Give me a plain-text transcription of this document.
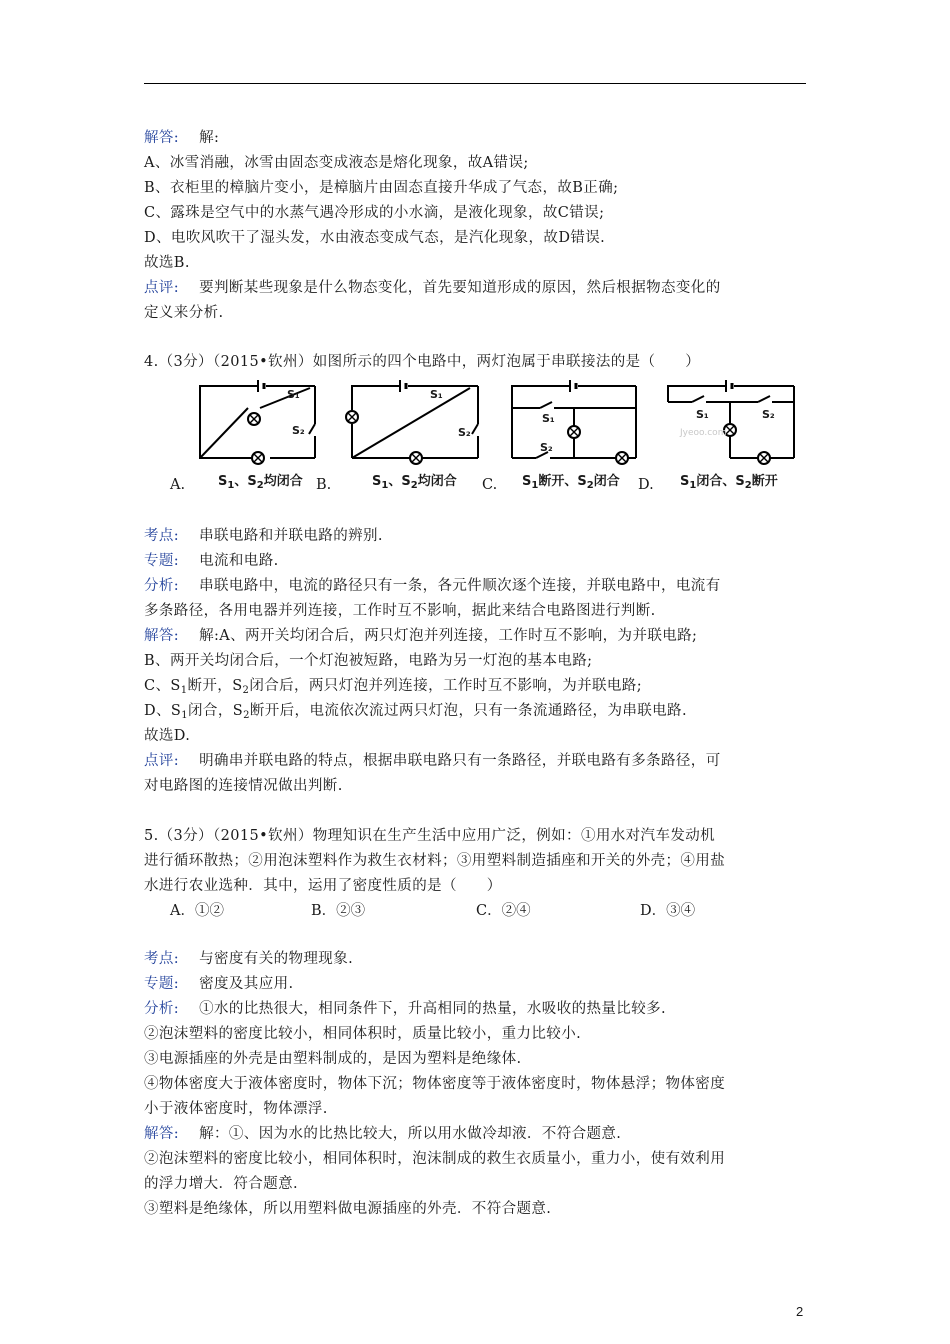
解答: 解:
A、冰雪消融，冰雪由固态变成液态是熔化现象，故A错误;
B、衣柜里的樟脑片变小，是樟脑片由固态直接升华成了气态，故B正确;
C、露珠是空气中的水蒸气遇冷形成的小水滴，是液化现象，故C错误;
D、电吹风吹干了湿头发，水由液态变成气态，是汽化现象，故D错误.
故选B.
点评: 要判断某些现象是什么物态变化，首先要知道形成的原因，然后根据物态变化的
定义来分析.
4.（3分）（2015•钦州）如图所示的四个电路中，两灯泡属于串联接法的是（　　）
S₁
S₂
S₁
S₂
S₁
S₂
S₁	S₂
Jyeoo.com
A.	$S_1$、$S_2$均闭合 B.	$S_1$、$S_2$均闭合 C. $S_1$断开、$S_2$闭合 D. $S_1$闭合、$S_2$断开
考点: 串联电路和并联电路的辨别.
专题: 电流和电路.
分析: 串联电路中，电流的路径只有一条，各元件顺次逐个连接，并联电路中，电流有
多条路径，各用电器并列连接，工作时互不影响，据此来结合电路图进行判断.
解答: 解:A、两开关均闭合后，两只灯泡并列连接，工作时互不影响，为并联电路;
B、两开关均闭合后，一个灯泡被短路，电路为另一灯泡的基本电路;
C、$S_1$断开，$S_2$闭合后，两只灯泡并列连接，工作时互不影响，为并联电路;
D、$S_1$闭合，$S_2$断开后，电流依次流过两只灯泡，只有一条流通路径，为串联电路.
故选D.
点评: 明确串并联电路的特点，根据串联电路只有一条路径，并联电路有多条路径，可
对电路图的连接情况做出判断.
5.（3分）（2015•钦州）物理知识在生产生活中应用广泛，例如：①用水对汽车发动机
进行循环散热；②用泡沫塑料作为救生衣材料；③用塑料制造插座和开关的外壳；④用盐
水进行农业选种．其中，运用了密度性质的是（　　）
A．①②	B．②③	C．②④	D．③④
考点: 与密度有关的物理现象.
专题: 密度及其应用.
分析: ①水的比热很大，相同条件下，升高相同的热量，水吸收的热量比较多.
②泡沫塑料的密度比较小，相同体积时，质量比较小，重力比较小.
③电源插座的外壳是由塑料制成的，是因为塑料是绝缘体.
④物体密度大于液体密度时，物体下沉；物体密度等于液体密度时，物体悬浮；物体密度
小于液体密度时，物体漂浮.
解答: 解：①、因为水的比热比较大，所以用水做冷却液．不符合题意.
②泡沫塑料的密度比较小，相同体积时，泡沫制成的救生衣质量小，重力小，使有效利用
的浮力增大．符合题意.
③塑料是绝缘体，所以用塑料做电源插座的外壳．不符合题意.
2
